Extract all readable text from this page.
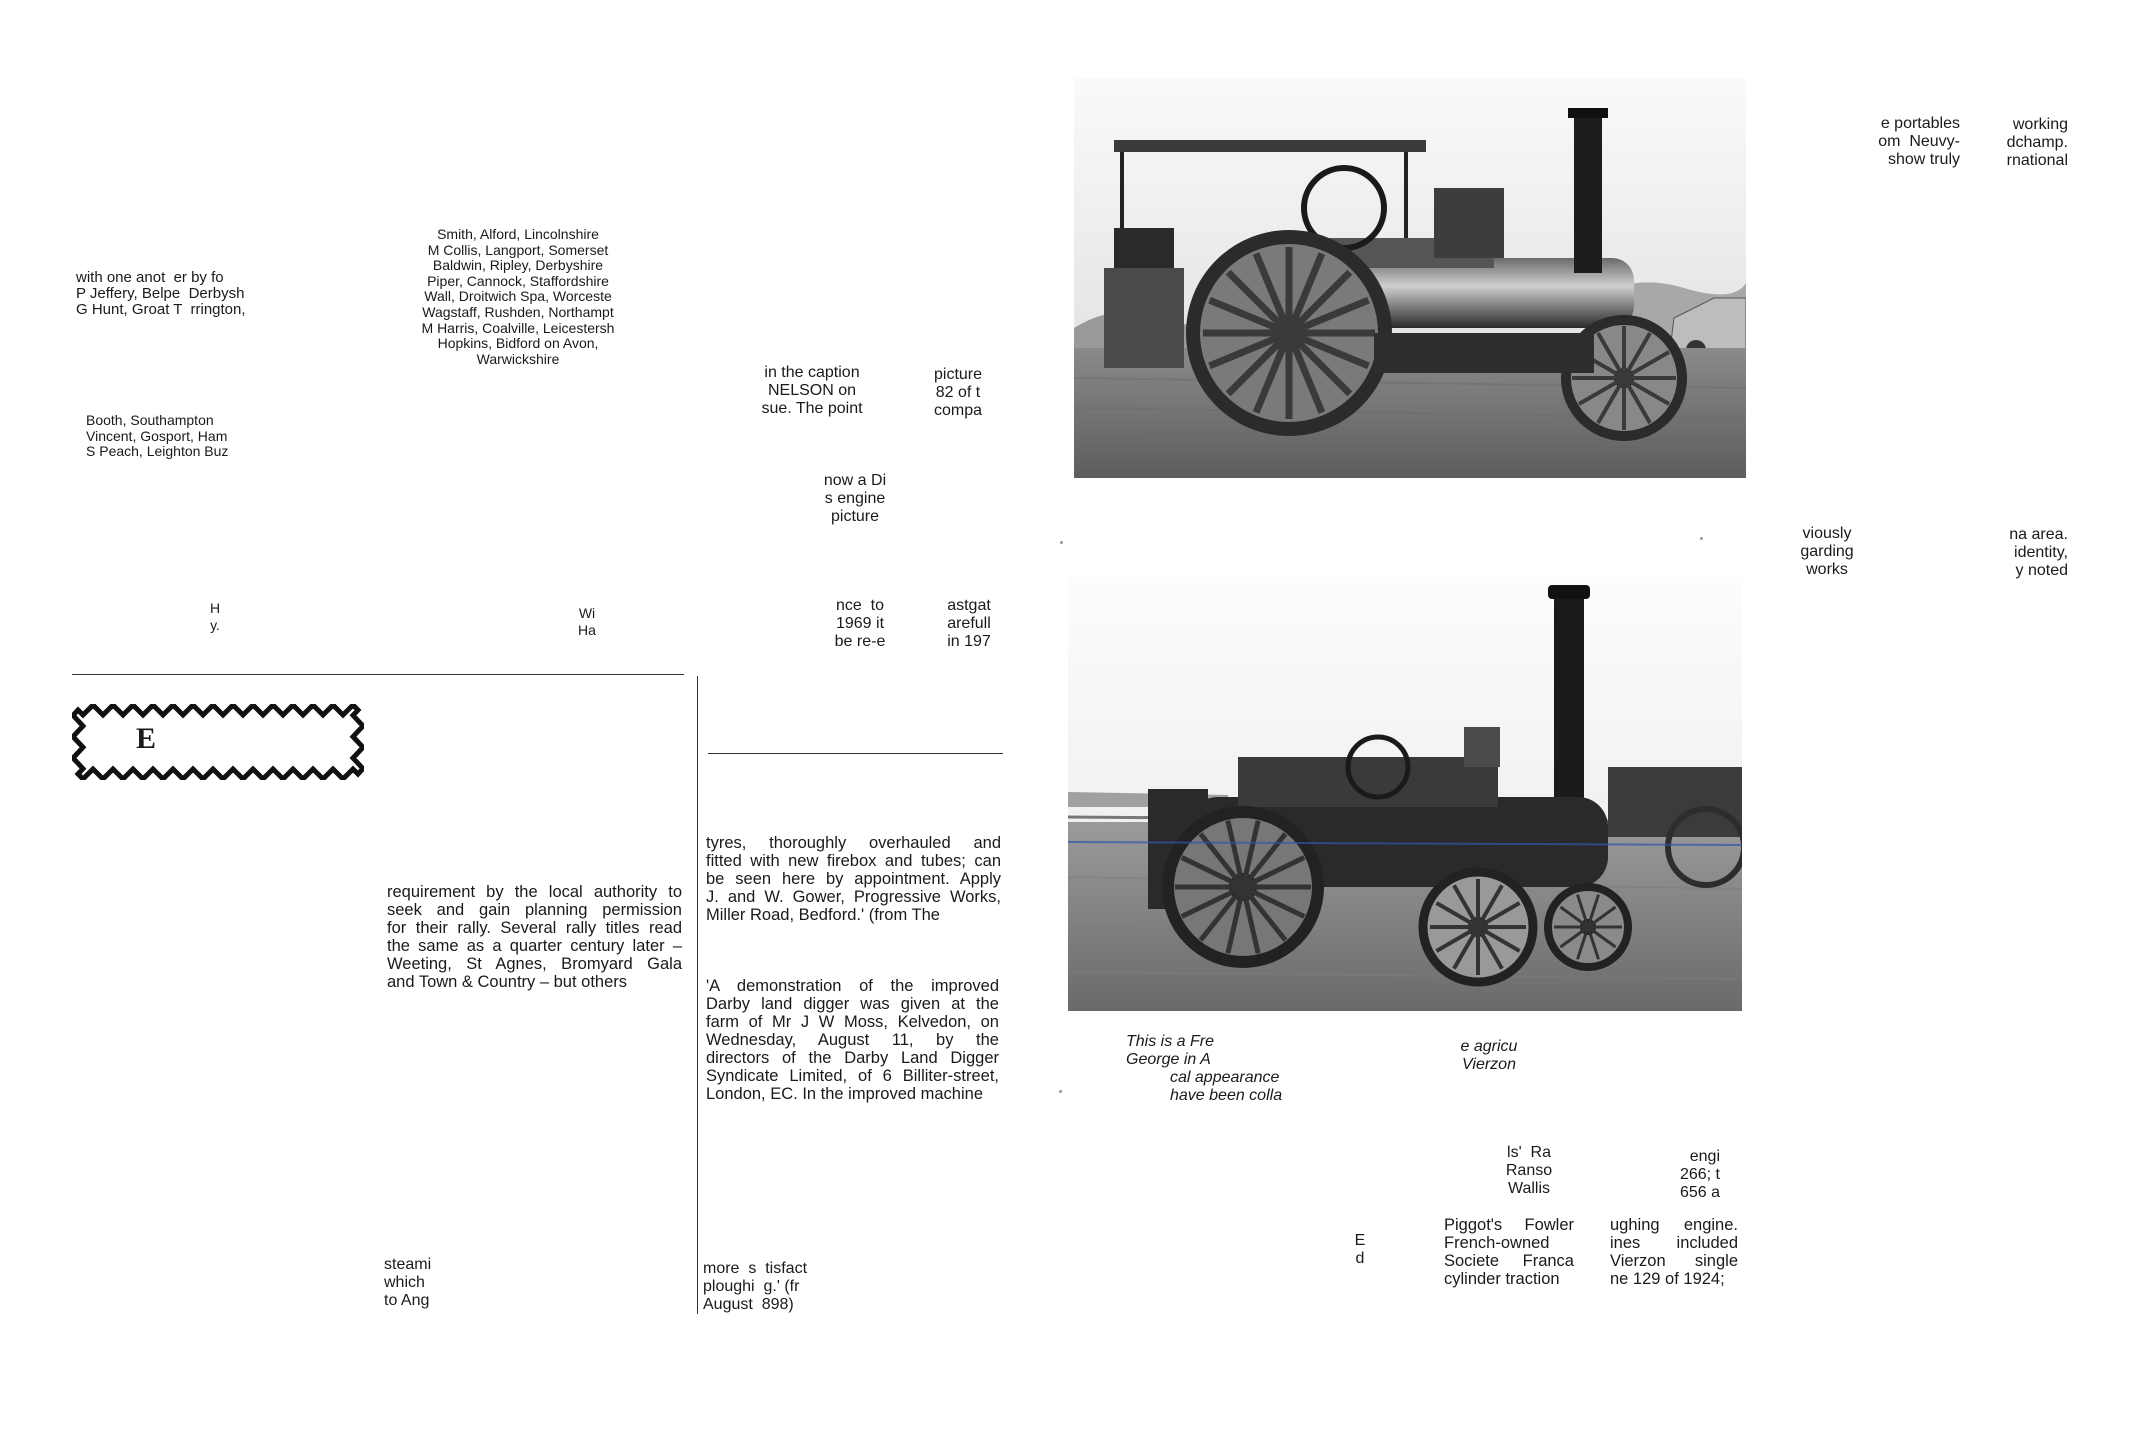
with one anot  er by fo
P Jeffery, Belpe  Derbysh
G Hunt, Groat T  rrington,
Booth, Southampton
Vincent, Gosport, Ham
S Peach, Leighton Buz
Smith, Alford, Lincolnshire
M Collis, Langport, Somerset
Baldwin, Ripley, Derbyshire
Piper, Cannock, Staffordshire
Wall, Droitwich Spa, Worceste
Wagstaff, Rushden, Northampt
M Harris, Coalville, Leicestersh
Hopkins, Bidford on Avon,
Warwickshire
H
y.
Wi
Ha
in the caption
NELSON on
sue. The point
picture
82 of t
compa
now a Di
s engine
picture
nce  to
1969 it
be re-e
astgat
arefull
in 197
E
requirement by the local authority to
seek and gain planning permission
for their rally. Several rally titles read
the same as a quarter century later –
Weeting, St Agnes, Bromyard Gala
and Town & Country – but others
tyres, thoroughly overhauled and
fitted with new firebox and tubes; can
be seen here by appointment. Apply
J. and W. Gower, Progressive Works,
Miller Road, Bedford.' (from The
'A demonstration of the improved
Darby land digger was given at the
farm of Mr J W Moss, Kelvedon, on
Wednesday, August 11, by the
directors of the Darby Land Digger
Syndicate Limited, of 6 Billiter-street,
London, EC. In the improved machine
steami
which
to Ang
more  s  tisfact
ploughi  g.' (fr
August  898)
e portables
om  Neuvy-
show truly
working
dchamp.
rnational
viously
garding
works
na area.
identity,
y noted
This is a Fre
George in A
cal appearance
have been colla
e agricu
Vierzon
E
d
ls'  Ra
Ranso
Wallis
engi
266; t
656 a
Piggot's Fowler
French-owned
Societe Franca
cylinder traction
ughing engine.
ines included
Vierzon single
ne 129 of 1924;
